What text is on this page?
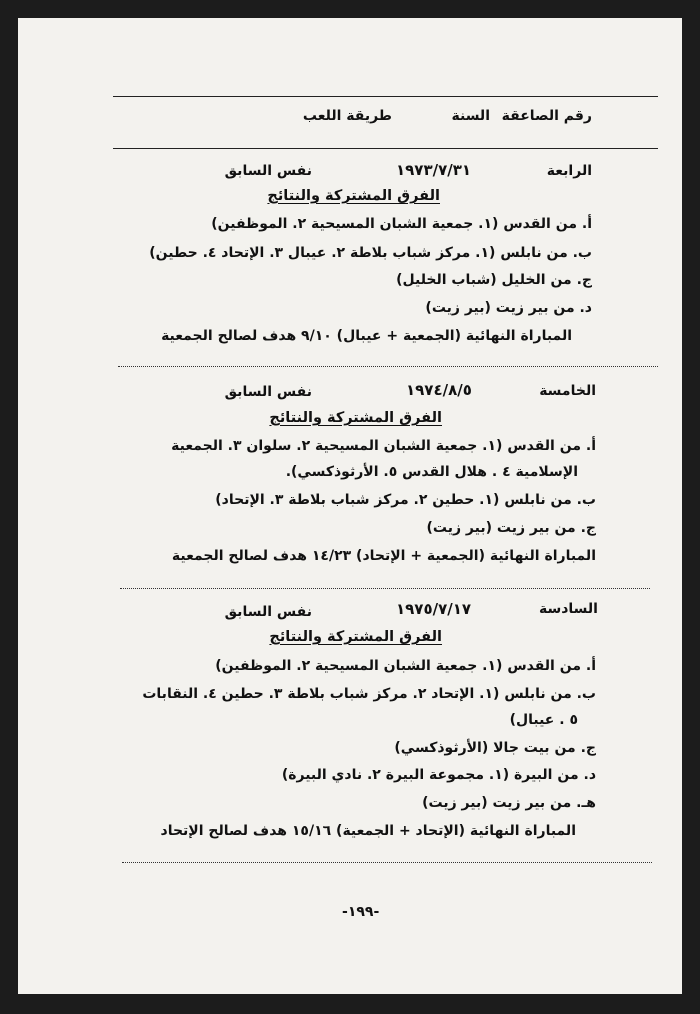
رقم الصاعقة
السنة
طريقة اللعب
الرابعة
١٩٧٣/٧/٣١
نفس السابق
الفرق المشتركة والنتائج
أ. من القدس (١. جمعية الشبان المسيحية ٢. الموظفين)
ب. من نابلس (١. مركز شباب بلاطة ٢. عيبال ٣. الإتحاد ٤. حطين)
ج. من الخليل (شباب الخليل)
د. من بير زيت (بير زيت)
المباراة النهائية (الجمعية + عيبال) ٩/١٠ هدف لصالح الجمعية
الخامسة
١٩٧٤/٨/٥
نفس السابق
الفرق المشتركة والنتائج
أ. من القدس (١. جمعية الشبان المسيحية ٢. سلوان ٣. الجمعية
الإسلامية ٤ . هلال القدس ٥. الأرثوذكسي).
ب. من نابلس (١. حطين ٢. مركز شباب بلاطة ٣. الإتحاد)
ج. من بير زيت (بير زيت)
المباراة النهائية (الجمعية + الإتحاد) ١٤/٢٣ هدف لصالح الجمعية
السادسة
١٩٧٥/٧/١٧
نفس السابق
الفرق المشتركة والنتائج
أ. من القدس (١. جمعية الشبان المسيحية ٢. الموظفين)
ب. من نابلس (١. الإتحاد ٢. مركز شباب بلاطة ٣. حطين ٤. النقابات
٥ . عيبال)
ج. من بيت جالا (الأرثوذكسي)
د. من البيرة (١. مجموعة البيرة ٢. نادي البيرة)
هـ. من بير زيت (بير زيت)
المباراة النهائية (الإتحاد + الجمعية) ١٥/١٦ هدف لصالح الإتحاد
-١٩٩-
